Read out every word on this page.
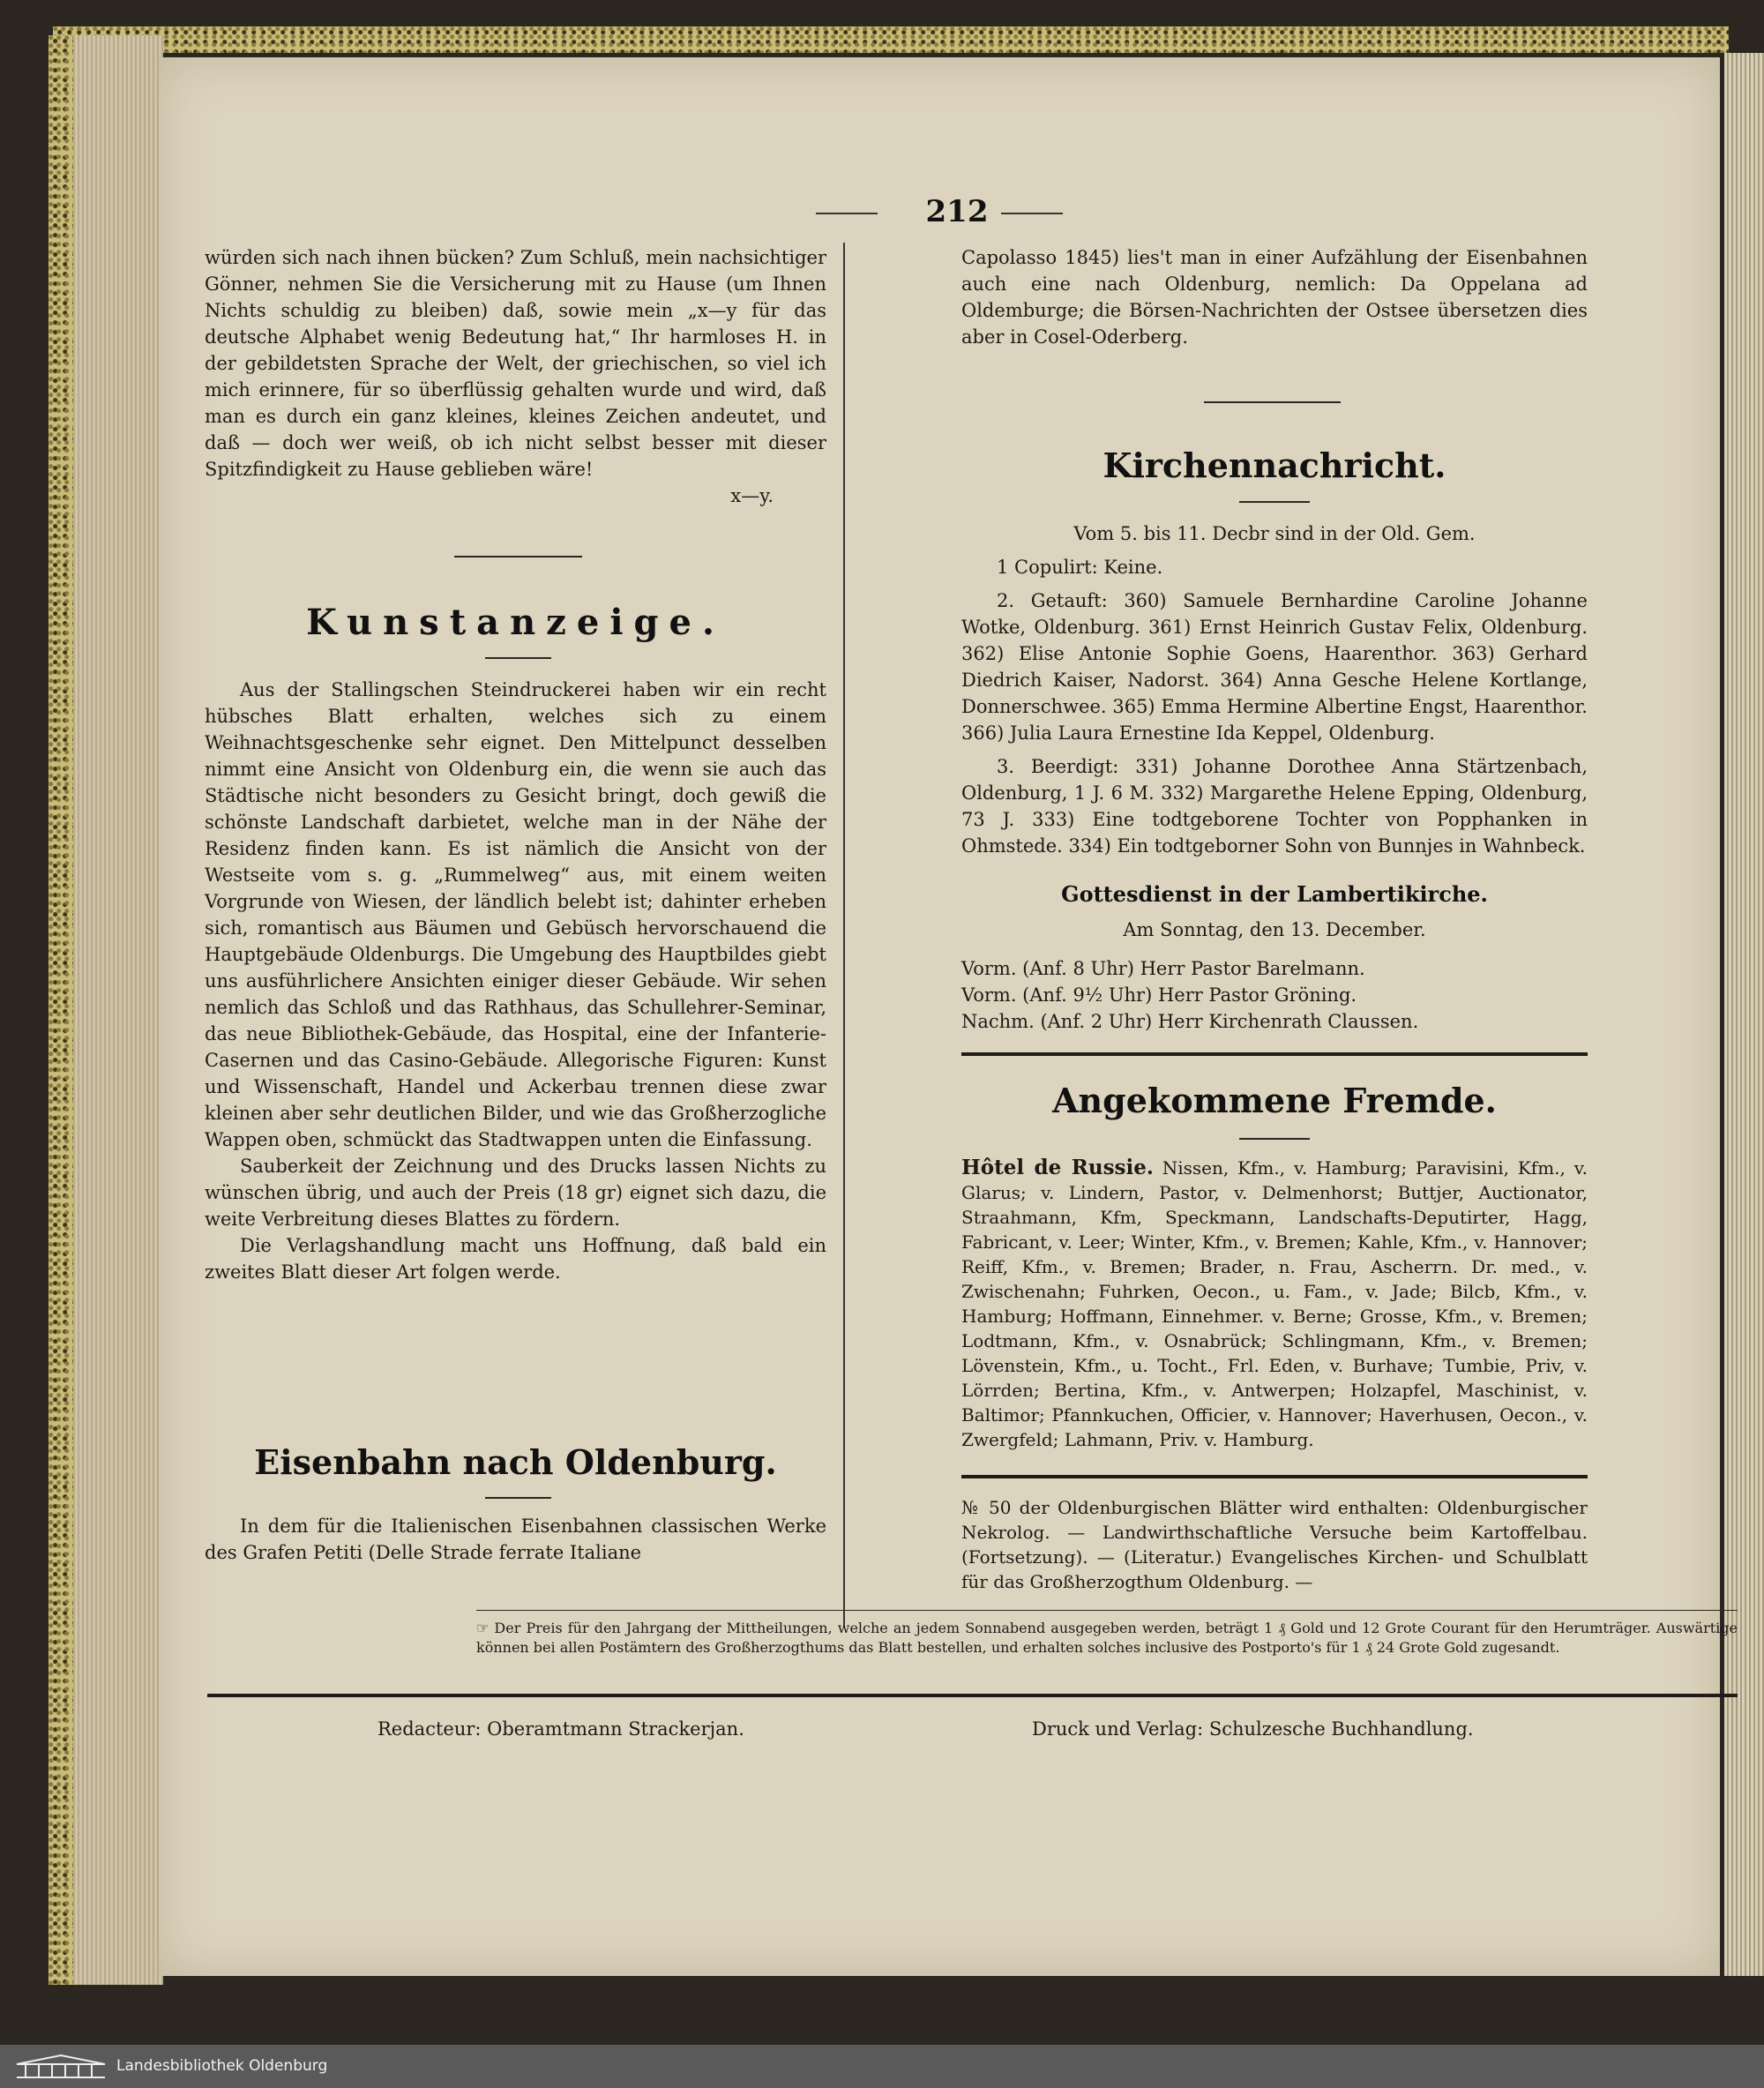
212

würden sich nach ihnen bücken? Zum Schluß, mein nachsichtiger Gönner, nehmen Sie die Versicherung mit zu Hause (um Ihnen Nichts schuldig zu bleiben) daß, sowie mein „x—y für das deutsche Alphabet wenig Bedeutung hat,“ Ihr harmloses H. in der gebildetsten Sprache der Welt, der griechischen, so viel ich mich erinnere, für so überflüssig gehalten wurde und wird, daß man es durch ein ganz kleines, kleines Zeichen andeutet, und daß — doch wer weiß, ob ich nicht selbst besser mit dieser Spitzfindigkeit zu Hause geblieben wäre!

x—y.

Kunstanzeige.

Aus der Stallingschen Steindruckerei haben wir ein recht hübsches Blatt erhalten, welches sich zu einem Weihnachtsgeschenke sehr eignet. Den Mittelpunct desselben nimmt eine Ansicht von Oldenburg ein, die wenn sie auch das Städtische nicht besonders zu Gesicht bringt, doch gewiß die schönste Landschaft darbietet, welche man in der Nähe der Residenz finden kann. Es ist nämlich die Ansicht von der Westseite vom s. g. „Rummelweg“ aus, mit einem weiten Vorgrunde von Wiesen, der ländlich belebt ist; dahinter erheben sich, romantisch aus Bäumen und Gebüsch hervorschauend die Hauptgebäude Oldenburgs. Die Umgebung des Hauptbildes giebt uns ausführlichere Ansichten einiger dieser Gebäude. Wir sehen nemlich das Schloß und das Rathhaus, das Schullehrer-Seminar, das neue Bibliothek-Gebäude, das Hospital, eine der Infanterie-Casernen und das Casino-Gebäude. Allegorische Figuren: Kunst und Wissenschaft, Handel und Ackerbau trennen diese zwar kleinen aber sehr deutlichen Bilder, und wie das Großherzogliche Wappen oben, schmückt das Stadtwappen unten die Einfassung.

Sauberkeit der Zeichnung und des Drucks lassen Nichts zu wünschen übrig, und auch der Preis (18 gr) eignet sich dazu, die weite Verbreitung dieses Blattes zu fördern.

Die Verlagshandlung macht uns Hoffnung, daß bald ein zweites Blatt dieser Art folgen werde.

Eisenbahn nach Oldenburg.

In dem für die Italienischen Eisenbahnen classischen Werke des Grafen Petiti (Delle Strade ferrate Italiane

Capolasso 1845) lies't man in einer Aufzählung der Eisenbahnen auch eine nach Oldenburg, nemlich: Da Oppelana ad Oldemburge; die Börsen-Nachrichten der Ostsee übersetzen dies aber in Cosel-Oderberg.
Kirchennachricht.
Vom 5. bis 11. Decbr sind in der Old. Gem.

1 Copulirt: Keine.

2. Getauft: 360) Samuele Bernhardine Caroline Johanne Wotke, Oldenburg. 361) Ernst Heinrich Gustav Felix, Oldenburg. 362) Elise Antonie Sophie Goens, Haarenthor. 363) Gerhard Diedrich Kaiser, Nadorst. 364) Anna Gesche Helene Kortlange, Donnerschwee. 365) Emma Hermine Albertine Engst, Haarenthor. 366) Julia Laura Ernestine Ida Keppel, Oldenburg.

3. Beerdigt: 331) Johanne Dorothee Anna Stärtzenbach, Oldenburg, 1 J. 6 M. 332) Margarethe Helene Epping, Oldenburg, 73 J. 333) Eine todtgeborene Tochter von Popphanken in Ohmstede. 334) Ein todtgeborner Sohn von Bunnjes in Wahnbeck.

Gottesdienst in der Lambertikirche.
Am Sonntag, den 13. December.

Vorm. (Anf. 8 Uhr) Herr Pastor Barelmann.

Vorm. (Anf. 9½ Uhr) Herr Pastor Gröning.

Nachm. (Anf. 2 Uhr) Herr Kirchenrath Claussen.

Angekommene Fremde.
Hôtel de Russie. Nissen, Kfm., v. Hamburg; Paravisini, Kfm., v. Glarus; v. Lindern, Pastor, v. Delmenhorst; Buttjer, Auctionator, Straahmann, Kfm, Speckmann, Landschafts-Deputirter, Hagg, Fabricant, v. Leer; Winter, Kfm., v. Bremen; Kahle, Kfm., v. Hannover; Reiff, Kfm., v. Bremen; Brader, n. Frau, Ascherrn. Dr. med., v. Zwischenahn; Fuhrken, Oecon., u. Fam., v. Jade; Bilcb, Kfm., v. Hamburg; Hoffmann, Einnehmer. v. Berne; Grosse, Kfm., v. Bremen; Lodtmann, Kfm., v. Osnabrück; Schlingmann, Kfm., v. Bremen; Lövenstein, Kfm., u. Tocht., Frl. Eden, v. Burhave; Tumbie, Priv, v. Lörrden; Bertina, Kfm., v. Antwerpen; Holzapfel, Maschinist, v. Baltimor; Pfannkuchen, Officier, v. Hannover; Haverhusen, Oecon., v. Zwergfeld; Lahmann, Priv. v. Hamburg.
№ 50 der Oldenburgischen Blätter wird enthalten: Oldenburgischer Nekrolog. — Landwirthschaftliche Versuche beim Kartoffelbau. (Fortsetzung). — (Literatur.) Evangelisches Kirchen- und Schulblatt für das Großherzogthum Oldenburg. —
☞ Der Preis für den Jahrgang der Mittheilungen, welche an jedem Sonnabend ausgegeben werden, beträgt 1 ₰ Gold und 12 Grote Courant für den Herumträger. Auswärtige können bei allen Postämtern des Großherzogthums das Blatt bestellen, und erhalten solches inclusive des Postporto's für 1 ₰ 24 Grote Gold zugesandt.
Redacteur: Oberamtmann Strackerjan.	Druck und Verlag: Schulzesche Buchhandlung.
Landesbibliothek Oldenburg
